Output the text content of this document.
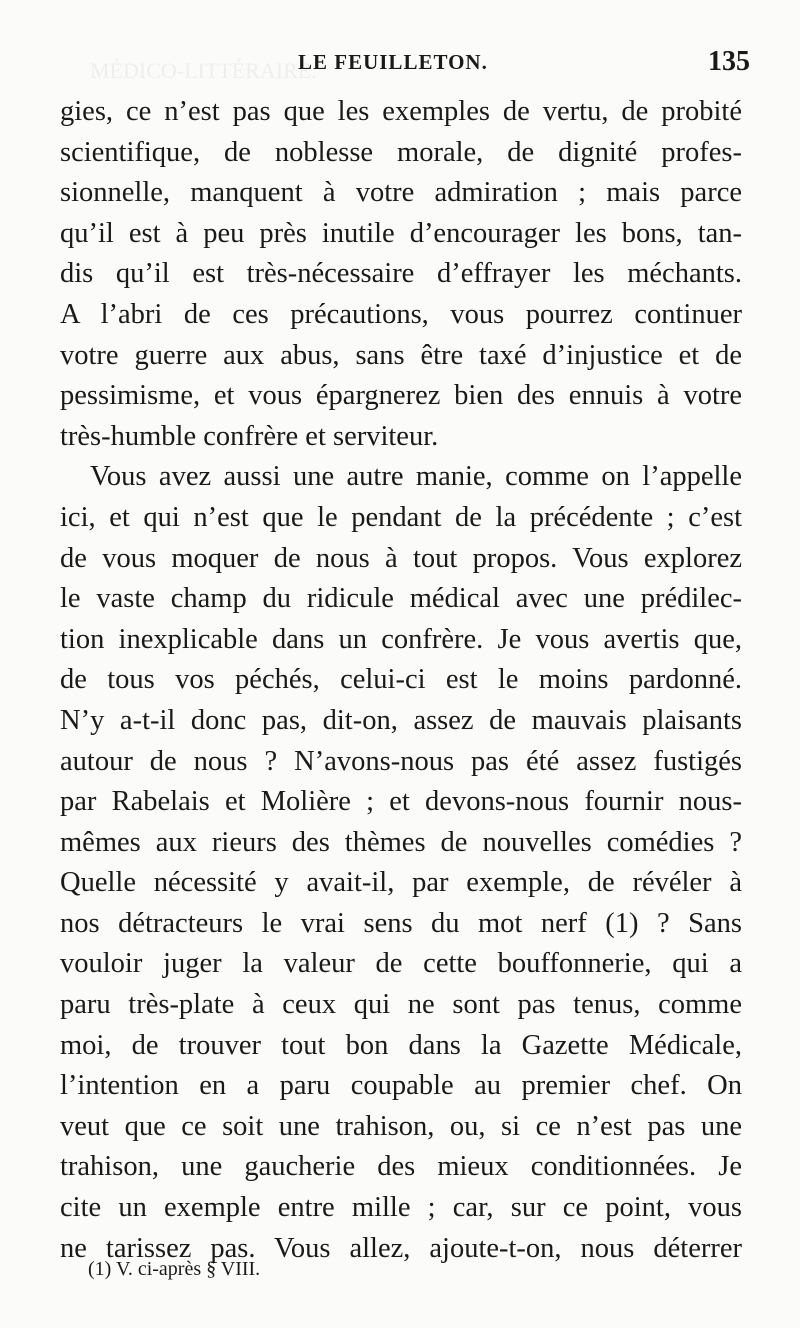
MÉDICO-LITTÉRAIRE.
LE FEUILLETON.	135
gies, ce n’est pas que les exemples de vertu, de probité
scientifique, de noblesse morale, de dignité profes-
sionnelle, manquent à votre admiration ; mais parce
qu’il est à peu près inutile d’encourager les bons, tan-
dis qu’il est très-nécessaire d’effrayer les méchants.
A l’abri de ces précautions, vous pourrez continuer
votre guerre aux abus, sans être taxé d’injustice et de
pessimisme, et vous épargnerez bien des ennuis à votre
très-humble confrère et serviteur.
Vous avez aussi une autre manie, comme on l’appelle
ici, et qui n’est que le pendant de la précédente ; c’est
de vous moquer de nous à tout propos. Vous explorez
le vaste champ du ridicule médical avec une prédilec-
tion inexplicable dans un confrère. Je vous avertis que,
de tous vos péchés, celui-ci est le moins pardonné.
N’y a-t-il donc pas, dit-on, assez de mauvais plaisants
autour de nous ? N’avons-nous pas été assez fustigés
par Rabelais et Molière ; et devons-nous fournir nous-
mêmes aux rieurs des thèmes de nouvelles comédies ?
Quelle nécessité y avait-il, par exemple, de révéler à
nos détracteurs le vrai sens du mot nerf (1) ? Sans
vouloir juger la valeur de cette bouffonnerie, qui a
paru très-plate à ceux qui ne sont pas tenus, comme
moi, de trouver tout bon dans la Gazette Médicale,
l’intention en a paru coupable au premier chef. On
veut que ce soit une trahison, ou, si ce n’est pas une
trahison, une gaucherie des mieux conditionnées. Je
cite un exemple entre mille ; car, sur ce point, vous
ne tarissez pas. Vous allez, ajoute-t-on, nous déterrer
(1) V. ci-après § VIII.
